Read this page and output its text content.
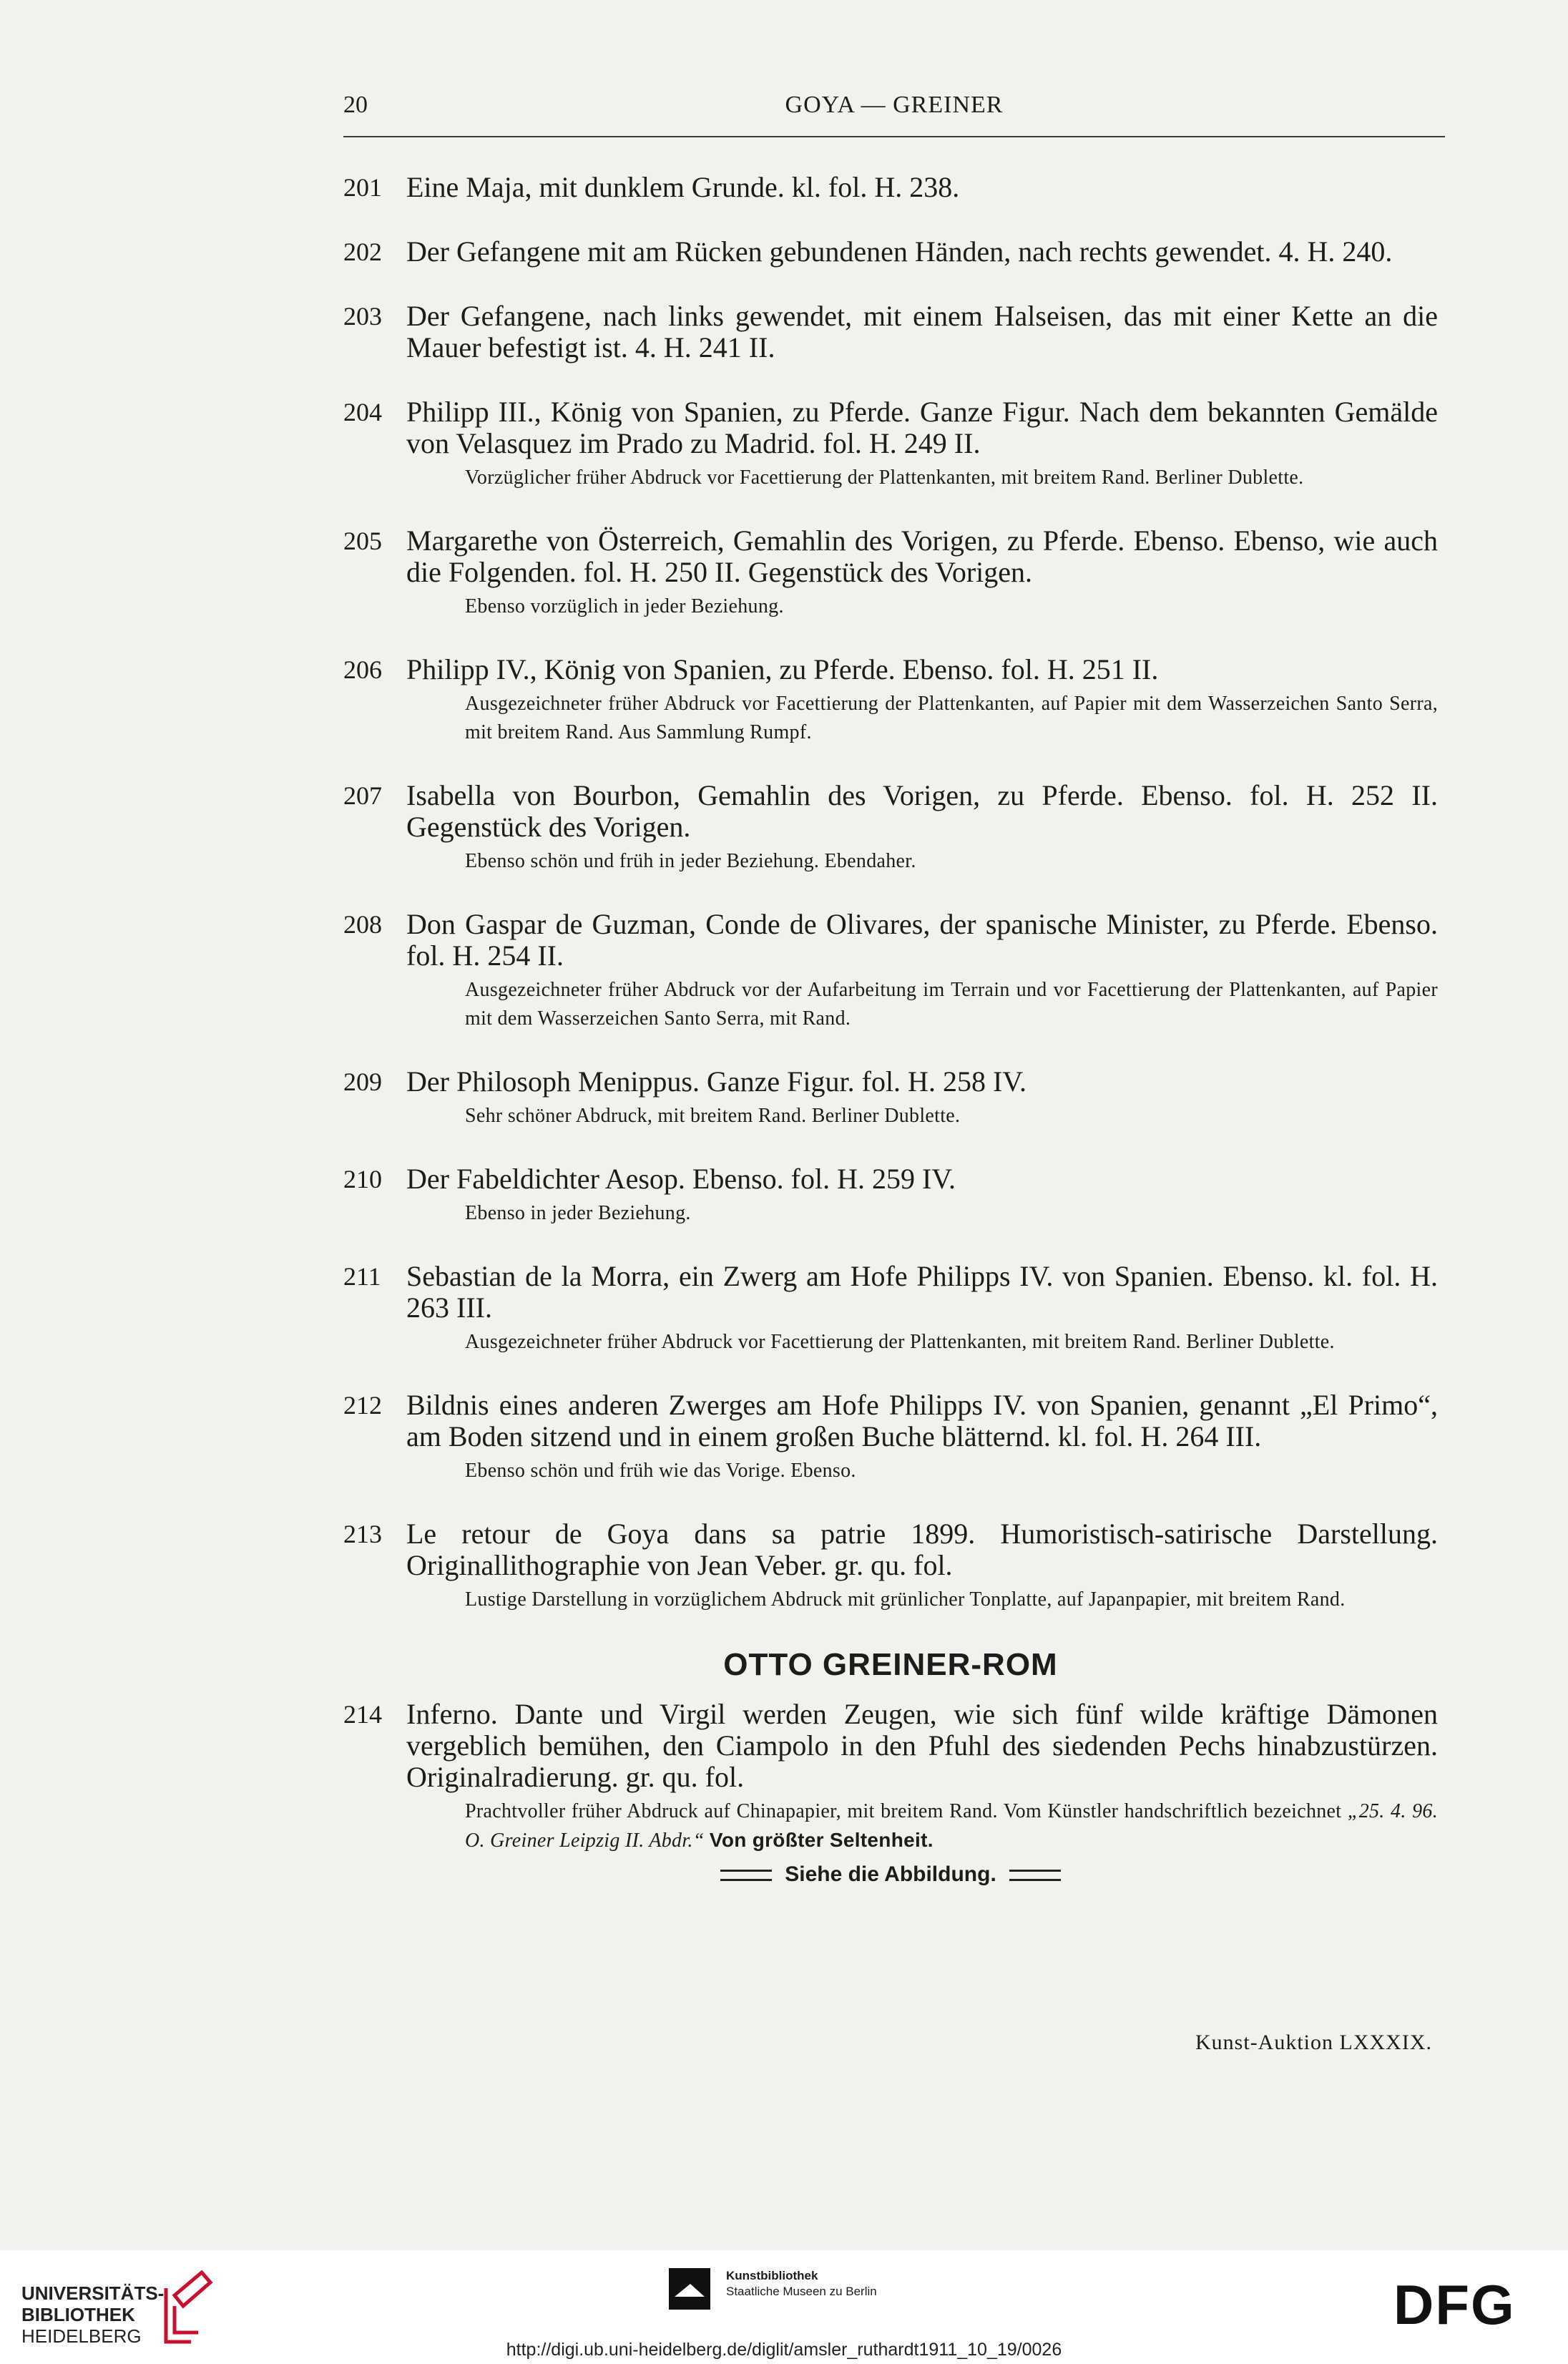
20	GOYA — GREINER
201 Eine Maja, mit dunklem Grunde. kl. fol. H. 238.
202 Der Gefangene mit am Rücken gebundenen Händen, nach rechts gewendet. 4. H. 240.
203 Der Gefangene, nach links gewendet, mit einem Halseisen, das mit einer Kette an die Mauer befestigt ist. 4. H. 241 II.
204 Philipp III., König von Spanien, zu Pferde. Ganze Figur. Nach dem bekannten Gemälde von Velasquez im Prado zu Madrid. fol. H. 249 II.
Vorzüglicher früher Abdruck vor Facettierung der Plattenkanten, mit breitem Rand. Berliner Dublette.
205 Margarethe von Österreich, Gemahlin des Vorigen, zu Pferde. Ebenso. Ebenso, wie auch die Folgenden. fol. H. 250 II. Gegenstück des Vorigen.
Ebenso vorzüglich in jeder Beziehung.
206 Philipp IV., König von Spanien, zu Pferde. Ebenso. fol. H. 251 II.
Ausgezeichneter früher Abdruck vor Facettierung der Plattenkanten, auf Papier mit dem Wasserzeichen Santo Serra, mit breitem Rand. Aus Sammlung Rumpf.
207 Isabella von Bourbon, Gemahlin des Vorigen, zu Pferde. Ebenso. fol. H. 252 II. Gegenstück des Vorigen.
Ebenso schön und früh in jeder Beziehung. Ebendaher.
208 Don Gaspar de Guzman, Conde de Olivares, der spanische Minister, zu Pferde. Ebenso. fol. H. 254 II.
Ausgezeichneter früher Abdruck vor der Aufarbeitung im Terrain und vor Facettierung der Plattenkanten, auf Papier mit dem Wasserzeichen Santo Serra, mit Rand.
209 Der Philosoph Menippus. Ganze Figur. fol. H. 258 IV.
Sehr schöner Abdruck, mit breitem Rand. Berliner Dublette.
210 Der Fabeldichter Aesop. Ebenso. fol. H. 259 IV.
Ebenso in jeder Beziehung.
211 Sebastian de la Morra, ein Zwerg am Hofe Philipps IV. von Spanien. Ebenso. kl. fol. H. 263 III.
Ausgezeichneter früher Abdruck vor Facettierung der Plattenkanten, mit breitem Rand. Berliner Dublette.
212 Bildnis eines anderen Zwerges am Hofe Philipps IV. von Spanien, genannt „El Primo“, am Boden sitzend und in einem großen Buche blätternd. kl. fol. H. 264 III.
Ebenso schön und früh wie das Vorige. Ebenso.
213 Le retour de Goya dans sa patrie 1899. Humoristisch-satirische Darstellung. Originallithographie von Jean Veber. gr. qu. fol.
Lustige Darstellung in vorzüglichem Abdruck mit grünlicher Tonplatte, auf Japanpapier, mit breitem Rand.
OTTO GREINER-ROM
214 Inferno. Dante und Virgil werden Zeugen, wie sich fünf wilde kräftige Dämonen vergeblich bemühen, den Ciampolo in den Pfuhl des siedenden Pechs hinabzustürzen. Originalradierung. gr. qu. fol.
Prachtvoller früher Abdruck auf Chinapapier, mit breitem Rand. Vom Künstler handschriftlich bezeichnet „25. 4. 96. O. Greiner Leipzig II. Abdr.“ Von größter Seltenheit.
Siehe die Abbildung.
Kunst-Auktion LXXXIX.
UNIVERSITÄTS-
BIBLIOTHEK
HEIDELBERG
Kunstbibliothek
Staatliche Museen zu Berlin	DFG
http://digi.ub.uni-heidelberg.de/diglit/amsler_ruthardt1911_10_19/0026
